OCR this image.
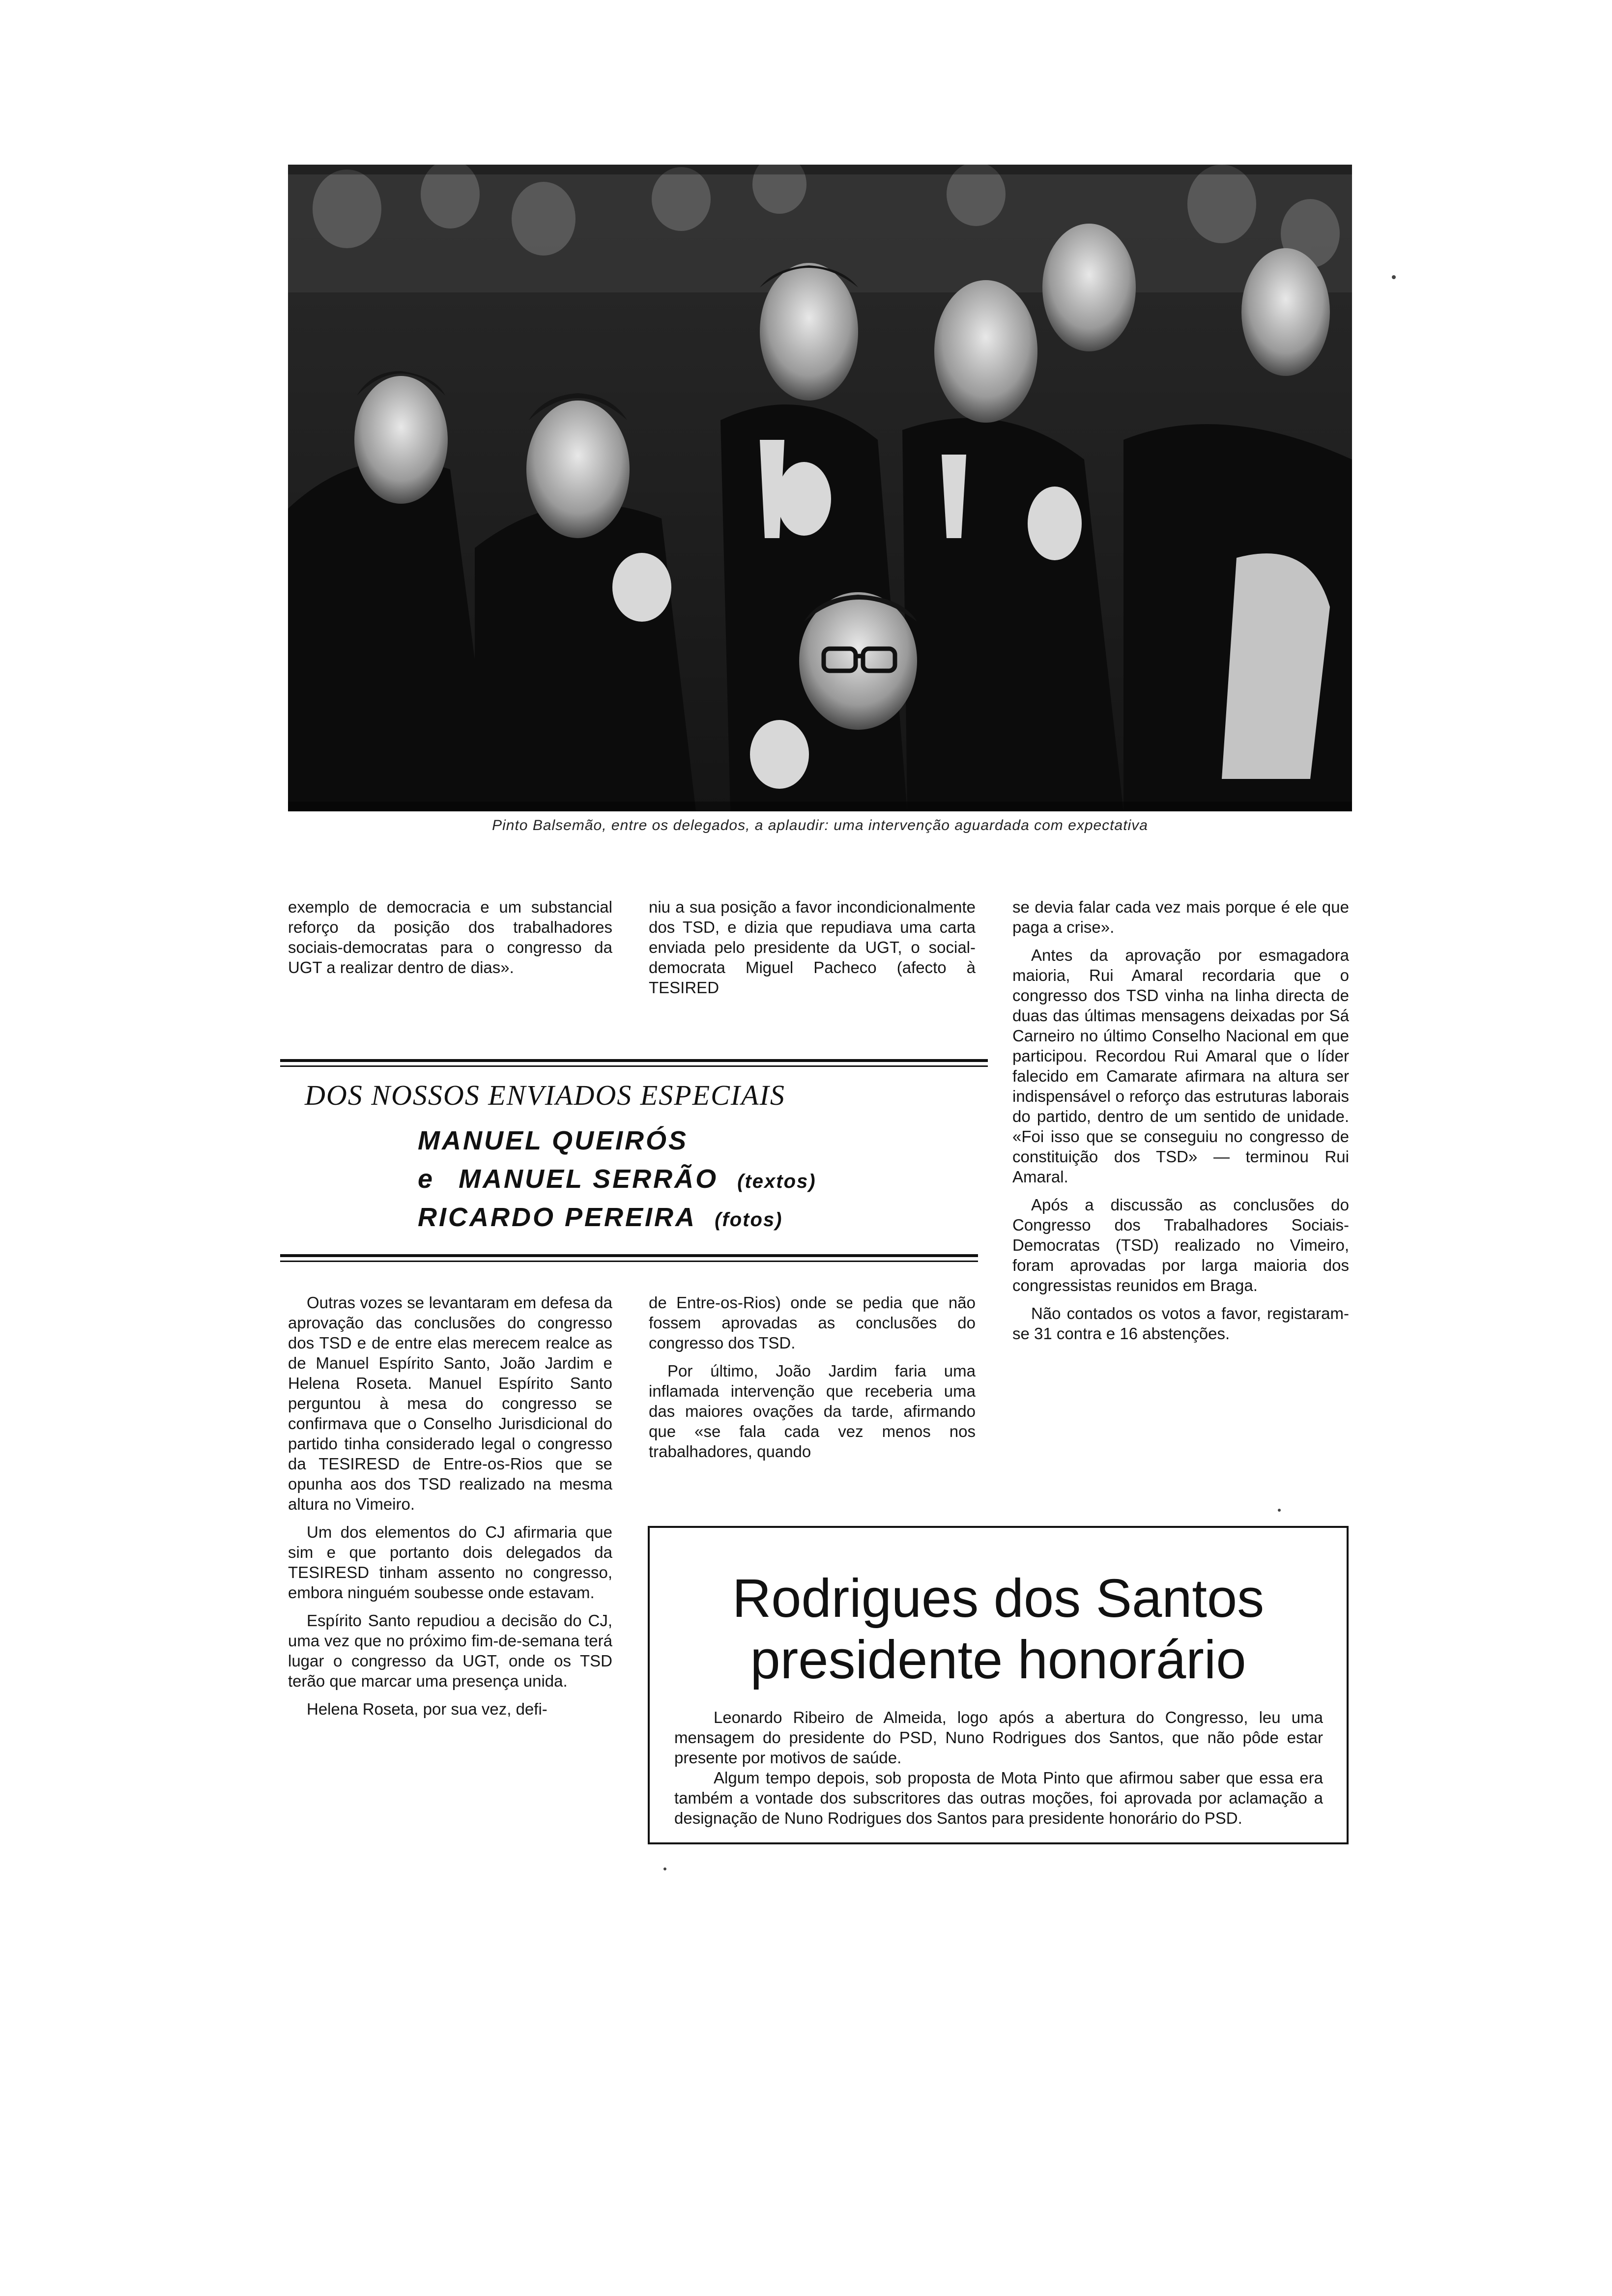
Pinto Balsemão, entre os delegados, a aplaudir: uma intervenção aguardada com expectativa

exemplo de democracia e um substancial reforço da posição dos trabalhadores sociais-democratas para o congresso da UGT a realizar dentro de dias».

niu a sua posição a favor incondicionalmente dos TSD, e dizia que repudiava uma carta enviada pelo presidente da UGT, o social-democrata Miguel Pacheco (afecto à TESIRED

se devia falar cada vez mais porque é ele que paga a crise».

Antes da aprovação por esmagadora maioria, Rui Amaral recordaria que o congresso dos TSD vinha na linha directa de duas das últimas mensagens deixadas por Sá Carneiro no último Conselho Nacional em que participou. Recordou Rui Amaral que o líder falecido em Camarate afirmara na altura ser indispensável o reforço das estruturas laborais do partido, dentro de um sentido de unidade. «Foi isso que se conseguiu no congresso de constituição dos TSD» — terminou Rui Amaral.

Após a discussão as conclusões do Congresso dos Trabalhadores Sociais-Democratas (TSD) realizado no Vimeiro, foram aprovadas por larga maioria dos congressistas reunidos em Braga.

Não contados os votos a favor, registaram-se 31 contra e 16 abstenções.

DOS NOSSOS ENVIADOS ESPECIAIS
MANUEL QUEIRÓS
e MANUEL SERRÃO (textos)
RICARDO PEREIRA (fotos)

Outras vozes se levantaram em defesa da aprovação das conclusões do congresso dos TSD e de entre elas merecem realce as de Manuel Espírito Santo, João Jardim e Helena Roseta. Manuel Espírito Santo perguntou à mesa do congresso se confirmava que o Conselho Jurisdicional do partido tinha considerado legal o congresso da TESIRESD de Entre-os-Rios que se opunha aos dos TSD realizado na mesma altura no Vimeiro.

Um dos elementos do CJ afirmaria que sim e que portanto dois delegados da TESIRESD tinham assento no congresso, embora ninguém soubesse onde estavam.

Espírito Santo repudiou a decisão do CJ, uma vez que no próximo fim-de-semana terá lugar o congresso da UGT, onde os TSD terão que marcar uma presença unida.

Helena Roseta, por sua vez, defi-

de Entre-os-Rios) onde se pedia que não fossem aprovadas as conclusões do congresso dos TSD.

Por último, João Jardim faria uma inflamada intervenção que receberia uma das maiores ovações da tarde, afirmando que «se fala cada vez menos nos trabalhadores, quando

Rodrigues dos Santos
presidente honorário

Leonardo Ribeiro de Almeida, logo após a abertura do Congresso, leu uma mensagem do presidente do PSD, Nuno Rodrigues dos Santos, que não pôde estar presente por motivos de saúde.

Algum tempo depois, sob proposta de Mota Pinto que afirmou saber que essa era também a vontade dos subscritores das outras moções, foi aprovada por aclamação a designação de Nuno Rodrigues dos Santos para presidente honorário do PSD.
